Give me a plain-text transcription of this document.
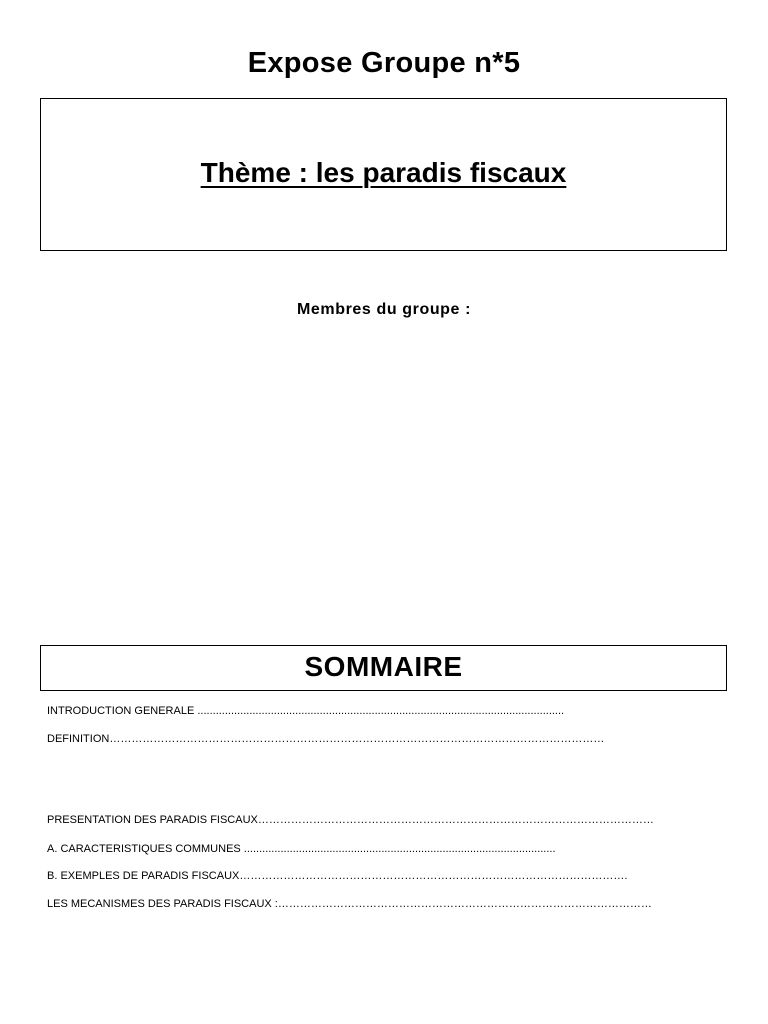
Expose Groupe n*5
Thème : les paradis fiscaux
Membres du groupe :
SOMMAIRE
INTRODUCTION GENERALE ........................................................................................................................
DEFINITION………………………………………………………………………………………………………………………
PRESENTATION DES PARADIS FISCAUX………………………………………………………………………………………………
A. CARACTERISTIQUES COMMUNES ......................................................................................................
B. EXEMPLES DE PARADIS FISCAUX…………………………………………………………………………………………….
LES MECANISMES DES PARADIS FISCAUX :…………………………………………………………………………………………
